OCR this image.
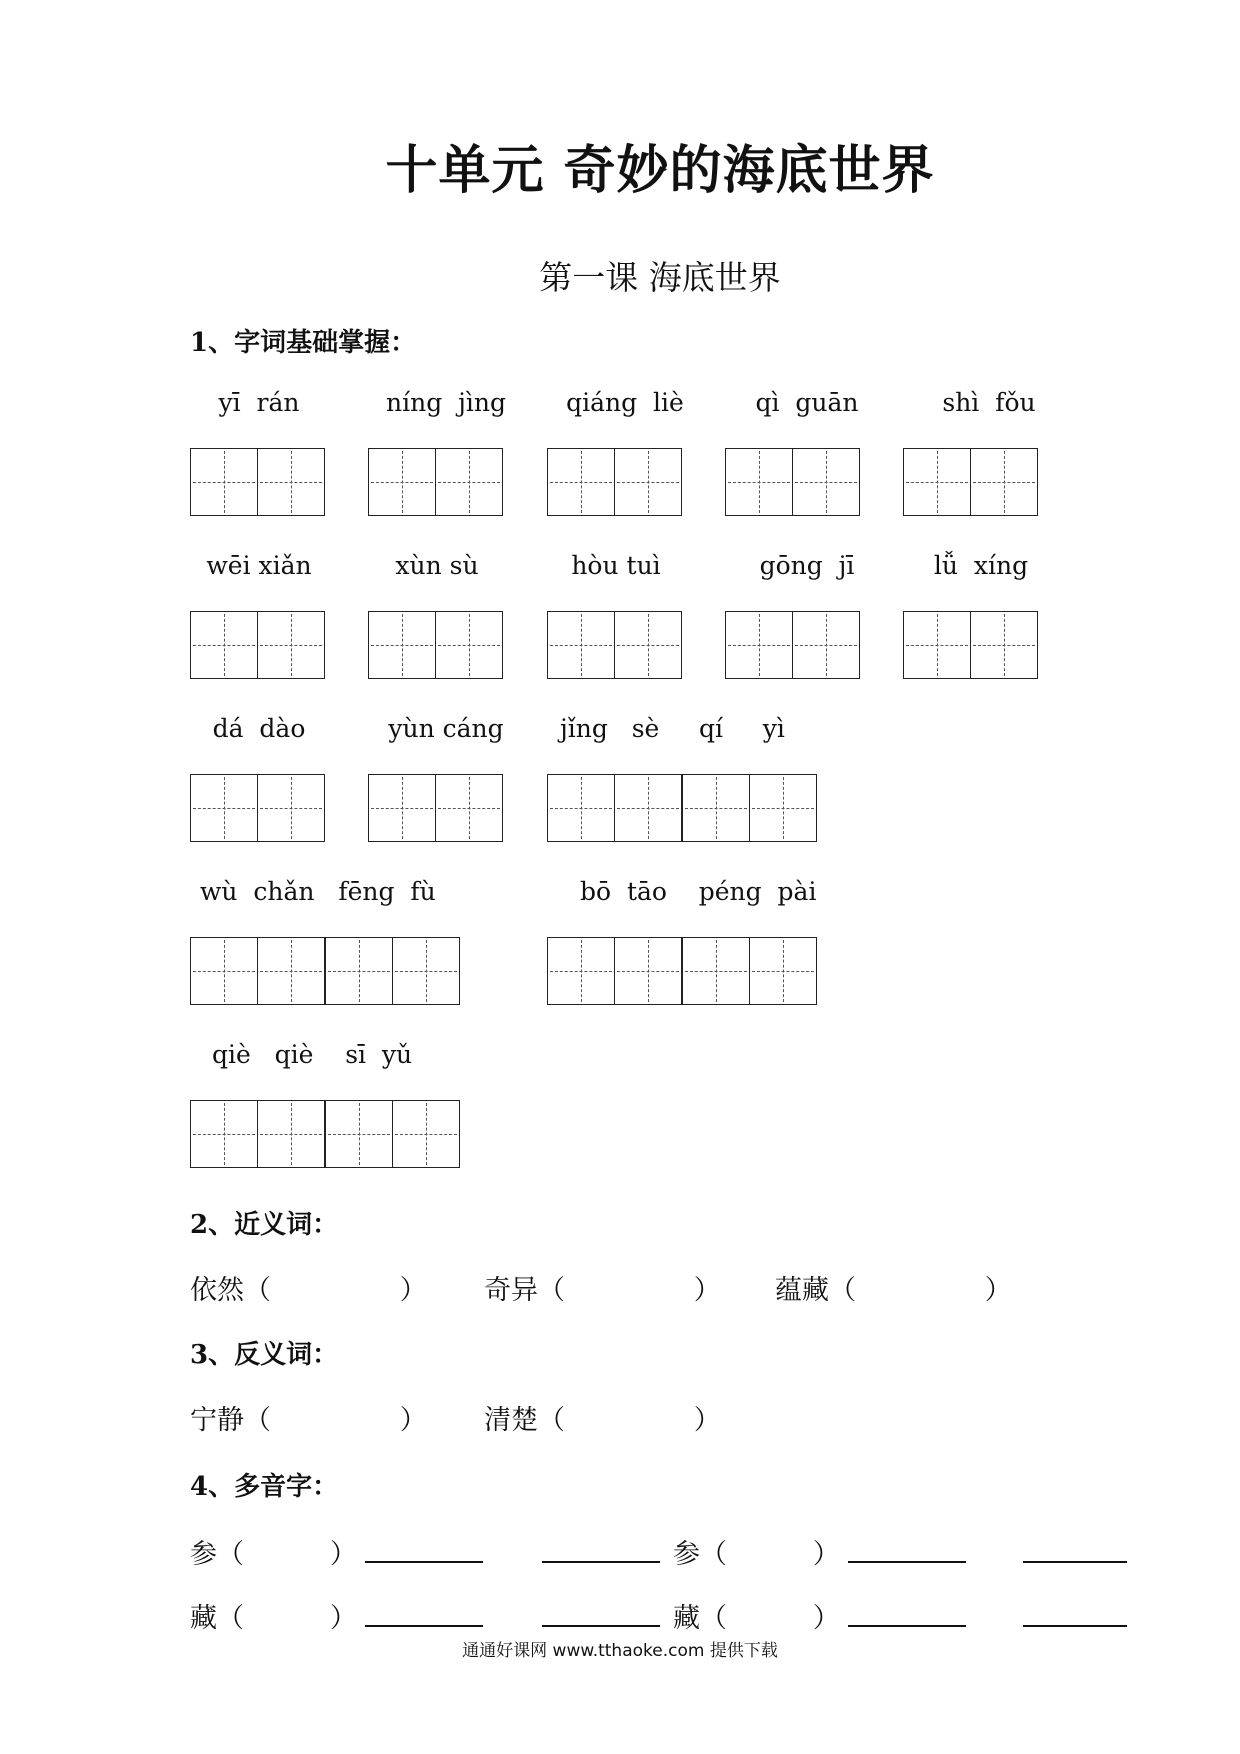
十单元 奇妙的海底世界
第一课 海底世界
1、字词基础掌握：
yī  rán	níng  jìng	qiáng  liè	qì  guān	shì  fǒu
wēi xiǎn	xùn sù	hòu tuì	gōng  jī	lǚ  xíng
dá  dào	yùn cáng	jǐng   sè     qí     yì
wù  chǎn   fēng  fù	bō  tāo    péng  pài
qiè   qiè    sī  yǔ
2、近义词：
依然（               ） 奇异（               ） 蕴藏（               ）
3、反义词：
宁静（               ） 清楚（               ）
4、多音字：
参（          ）	参（          ）
藏（          ）	藏（          ）
通通好课网 www.tthaoke.com 提供下载
